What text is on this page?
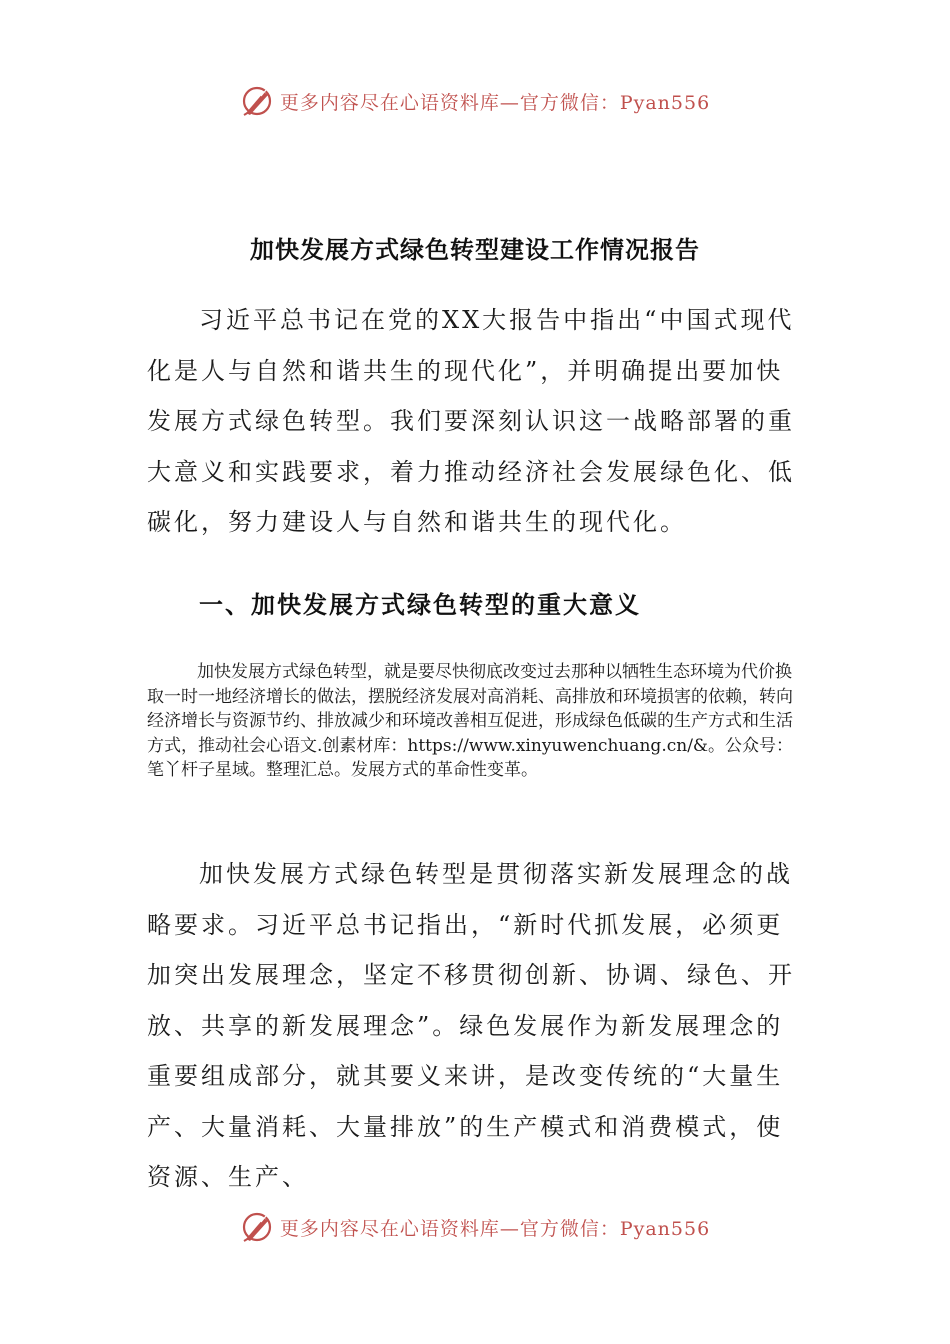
更多内容尽在心语资料库—官方微信：Pyan556
加快发展方式绿色转型建设工作情况报告

习近平总书记在党的XX大报告中指出“中国式现代化是人与自然和谐共生的现代化”，并明确提出要加快发展方式绿色转型。我们要深刻认识这一战略部署的重大意义和实践要求，着力推动经济社会发展绿色化、低碳化，努力建设人与自然和谐共生的现代化。

一、加快发展方式绿色转型的重大意义

加快发展方式绿色转型，就是要尽快彻底改变过去那种以牺牲生态环境为代价换取一时一地经济增长的做法，摆脱经济发展对高消耗、高排放和环境损害的依赖，转向经济增长与资源节约、排放减少和环境改善相互促进，形成绿色低碳的生产方式和生活方式，推动社会心语文.创素材库：https://www.xinyuwenchuang.cn/&。公众号：笔丫杆子星域。整理汇总。发展方式的革命性变革。

加快发展方式绿色转型是贯彻落实新发展理念的战略要求。习近平总书记指出，“新时代抓发展，必须更加突出发展理念，坚定不移贯彻创新、协调、绿色、开放、共享的新发展理念”。绿色发展作为新发展理念的重要组成部分，就其要义来讲，是改变传统的“大量生产、大量消耗、大量排放”的生产模式和消费模式，使资源、生产、

更多内容尽在心语资料库—官方微信：Pyan556
